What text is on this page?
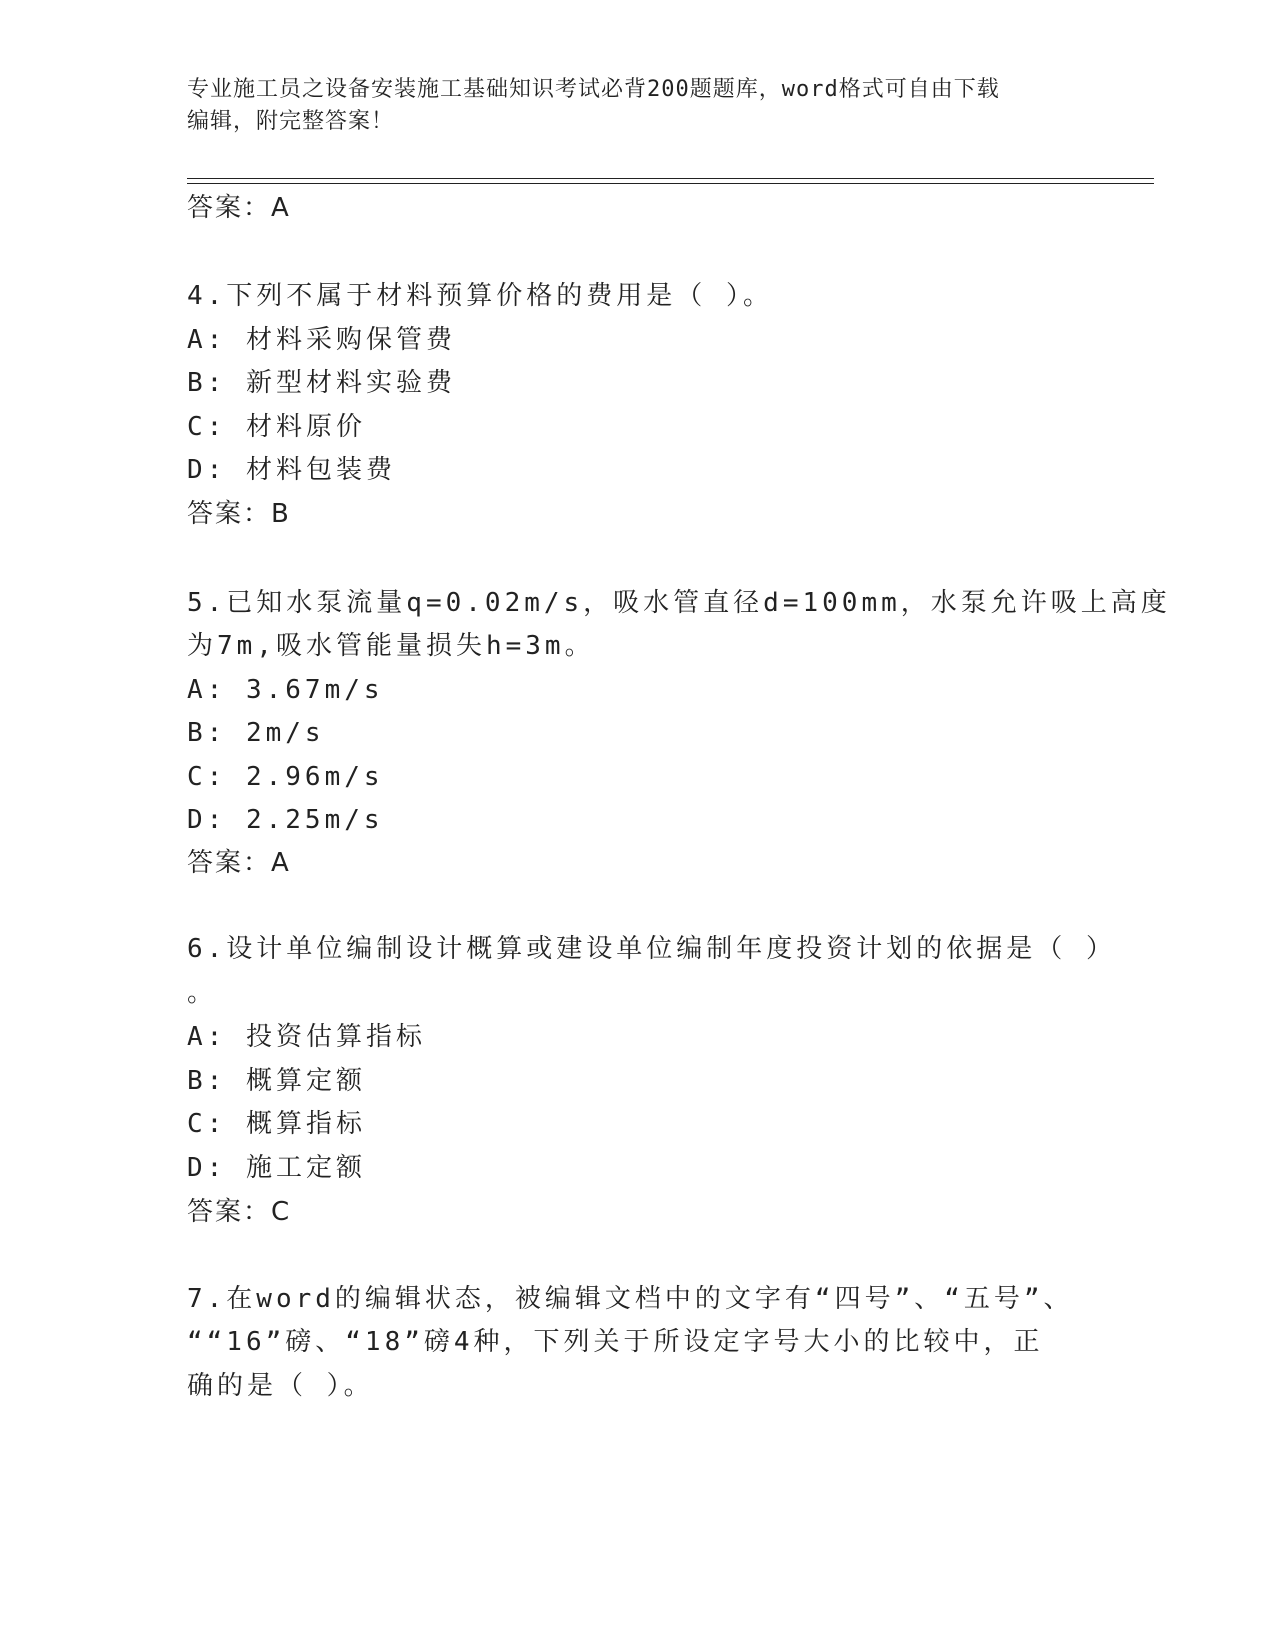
专业施工员之设备安装施工基础知识考试必背200题题库，word格式可自由下载
编辑，附完整答案！
答案：A
4.下列不属于材料预算价格的费用是（ ）。
A: 材料采购保管费
B: 新型材料实验费
C: 材料原价
D: 材料包装费
答案：B
5.已知水泵流量q=0.02m/s，吸水管直径d=100mm，水泵允许吸上高度
为7m,吸水管能量损失h=3m。
A: 3.67m/s
B: 2m/s
C: 2.96m/s
D: 2.25m/s
答案：A
6.设计单位编制设计概算或建设单位编制年度投资计划的依据是（ ）
。
A: 投资估算指标
B: 概算定额
C: 概算指标
D: 施工定额
答案：C
7.在word的编辑状态，被编辑文档中的文字有“四号”、“五号”、
““16”磅、“18”磅4种，下列关于所设定字号大小的比较中，正
确的是（ ）。
